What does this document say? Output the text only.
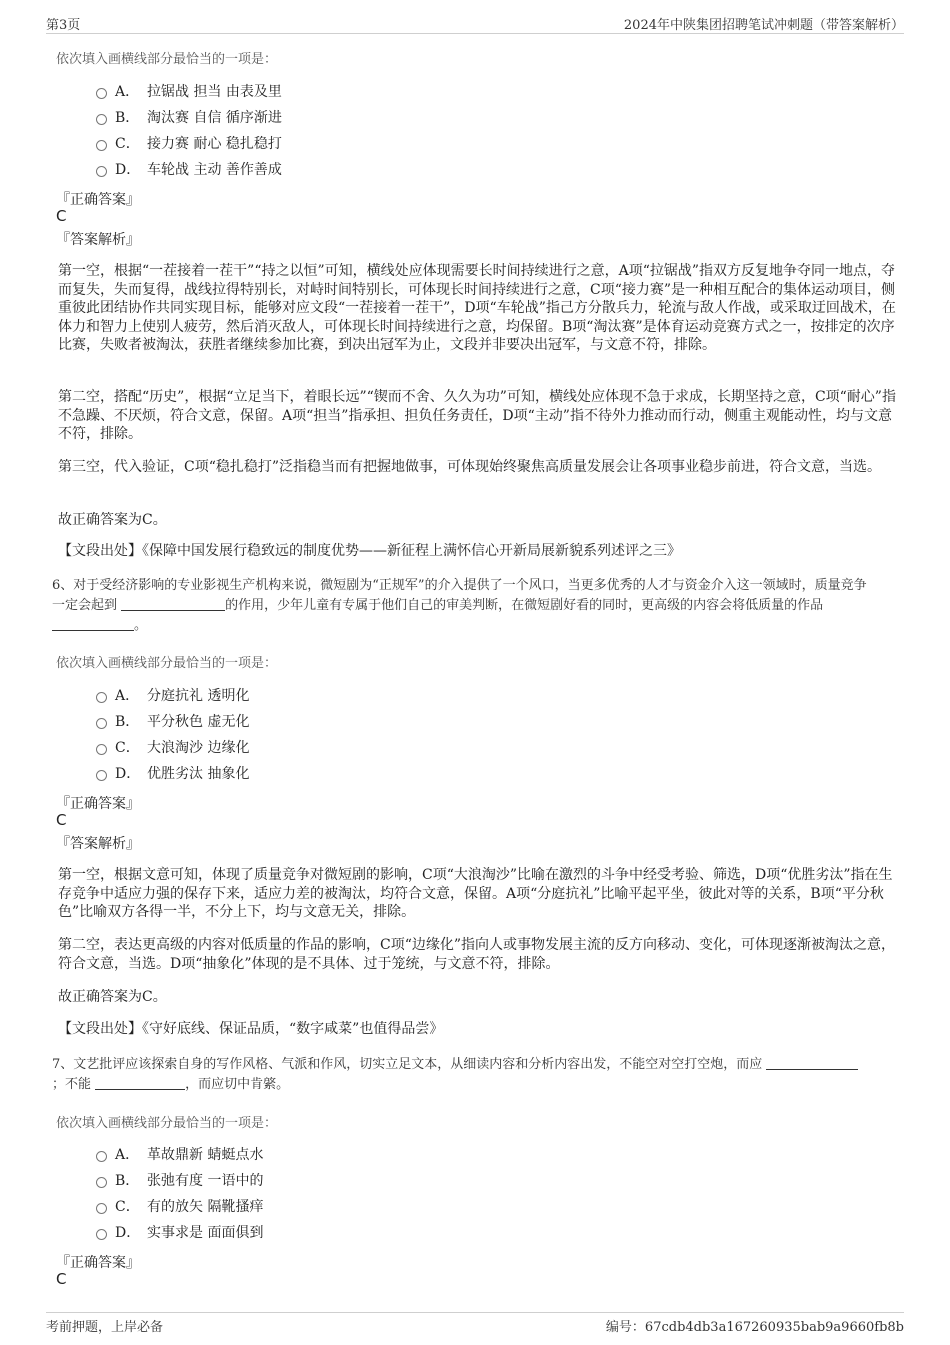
第3页	2024年中陕集团招聘笔试冲刺题（带答案解析）
依次填入画横线部分最恰当的一项是：
A． 拉锯战 担当 由表及里
B． 淘汰赛 自信 循序渐进
C． 接力赛 耐心 稳扎稳打
D． 车轮战 主动 善作善成
『正确答案』
C
『答案解析』
第一空，根据“一茬接着一茬干”“持之以恒”可知，横线处应体现需要长时间持续进行之意，A项“拉锯战”指双方反复地争夺同一地点，夺而复失，失而复得，战线拉得特别长，对峙时间特别长，可体现长时间持续进行之意，C项“接力赛”是一种相互配合的集体运动项目，侧重彼此团结协作共同实现目标，能够对应文段“一茬接着一茬干”，D项“车轮战”指己方分散兵力，轮流与敌人作战，或采取迂回战术，在体力和智力上使别人疲劳，然后消灭敌人，可体现长时间持续进行之意，均保留。B项“淘汰赛”是体育运动竞赛方式之一，按排定的次序比赛，失败者被淘汰，获胜者继续参加比赛，到决出冠军为止，文段并非要决出冠军，与文意不符，排除。
第二空，搭配“历史”，根据“立足当下，着眼长远”“锲而不舍、久久为功”可知，横线处应体现不急于求成，长期坚持之意，C项“耐心”指不急躁、不厌烦，符合文意，保留。A项“担当”指承担、担负任务责任，D项“主动”指不待外力推动而行动，侧重主观能动性，均与文意不符，排除。
第三空，代入验证，C项“稳扎稳打”泛指稳当而有把握地做事，可体现始终聚焦高质量发展会让各项事业稳步前进，符合文意，当选。
故正确答案为C。
【文段出处】《保障中国发展行稳致远的制度优势——新征程上满怀信心开新局展新貌系列述评之三》
6、对于受经济影响的专业影视生产机构来说，微短剧为“正规军”的介入提供了一个风口，当更多优秀的人才与资金介入这一领域时，质量竞争
一定会起到	的作用，少年儿童有专属于他们自己的审美判断，在微短剧好看的同时，更高级的内容会将低质量的作品
。
依次填入画横线部分最恰当的一项是：
A． 分庭抗礼 透明化
B． 平分秋色 虚无化
C． 大浪淘沙 边缘化
D． 优胜劣汰 抽象化
『正确答案』
C
『答案解析』
第一空，根据文意可知，体现了质量竞争对微短剧的影响，C项“大浪淘沙”比喻在激烈的斗争中经受考验、筛选，D项“优胜劣汰”指在生存竞争中适应力强的保存下来，适应力差的被淘汰，均符合文意，保留。A项“分庭抗礼”比喻平起平坐，彼此对等的关系，B项“平分秋色”比喻双方各得一半，不分上下，均与文意无关，排除。
第二空，表达更高级的内容对低质量的作品的影响，C项“边缘化”指向人或事物发展主流的反方向移动、变化，可体现逐渐被淘汰之意，符合文意，当选。D项“抽象化”体现的是不具体、过于笼统，与文意不符，排除。
故正确答案为C。
【文段出处】《守好底线、保证品质，“数字咸菜”也值得品尝》
7、文艺批评应该探索自身的写作风格、气派和作风，切实立足文本，从细读内容和分析内容出发，不能空对空打空炮，而应
；不能	，而应切中肯綮。
依次填入画横线部分最恰当的一项是：
A． 革故鼎新 蜻蜓点水
B． 张弛有度 一语中的
C． 有的放矢 隔靴搔痒
D． 实事求是 面面俱到
『正确答案』
C
考前押题，上岸必备	编号：67cdb4db3a167260935bab9a9660fb8b
